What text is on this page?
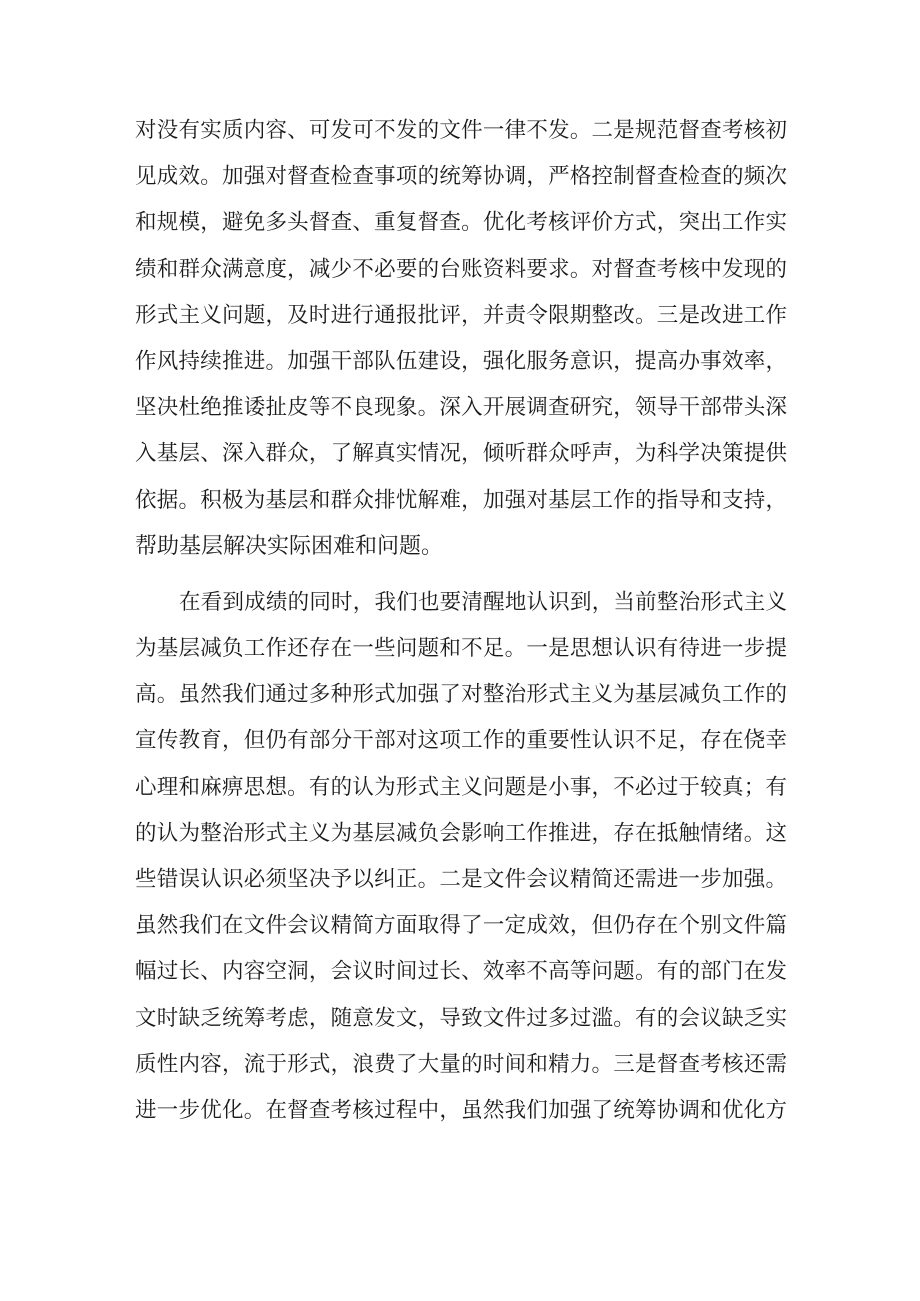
对没有实质内容、可发可不发的文件一律不发。二是规范督查考核初
见成效。加强对督查检查事项的统筹协调，严格控制督查检查的频次
和规模，避免多头督查、重复督查。优化考核评价方式，突出工作实
绩和群众满意度，减少不必要的台账资料要求。对督查考核中发现的
形式主义问题，及时进行通报批评，并责令限期整改。三是改进工作
作风持续推进。加强干部队伍建设，强化服务意识，提高办事效率，
坚决杜绝推诿扯皮等不良现象。深入开展调查研究，领导干部带头深
入基层、深入群众，了解真实情况，倾听群众呼声，为科学决策提供
依据。积极为基层和群众排忧解难，加强对基层工作的指导和支持，
帮助基层解决实际困难和问题。
在看到成绩的同时，我们也要清醒地认识到，当前整治形式主义
为基层减负工作还存在一些问题和不足。一是思想认识有待进一步提
高。虽然我们通过多种形式加强了对整治形式主义为基层减负工作的
宣传教育，但仍有部分干部对这项工作的重要性认识不足，存在侥幸
心理和麻痹思想。有的认为形式主义问题是小事，不必过于较真；有
的认为整治形式主义为基层减负会影响工作推进，存在抵触情绪。这
些错误认识必须坚决予以纠正。二是文件会议精简还需进一步加强。
虽然我们在文件会议精简方面取得了一定成效，但仍存在个别文件篇
幅过长、内容空洞，会议时间过长、效率不高等问题。有的部门在发
文时缺乏统筹考虑，随意发文，导致文件过多过滥。有的会议缺乏实
质性内容，流于形式，浪费了大量的时间和精力。三是督查考核还需
进一步优化。在督查考核过程中，虽然我们加强了统筹协调和优化方
